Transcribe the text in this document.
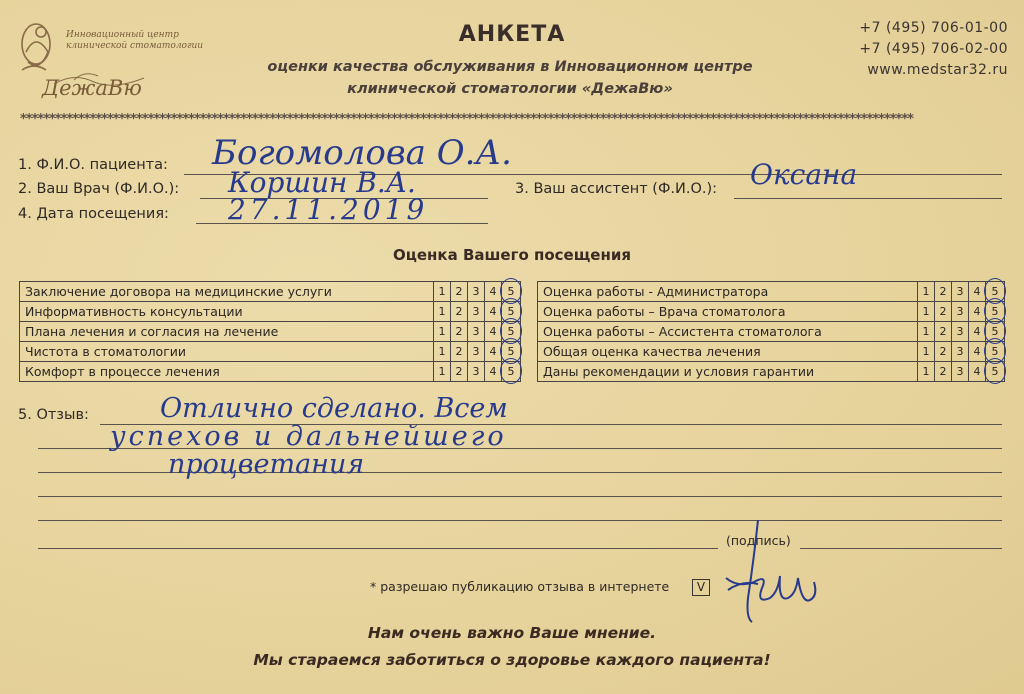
Инновационный центр
клинической стоматологии
ДежаВю
АНКЕТА
оценки качества обслуживания в Инновационном центре
клинической стоматологии «ДежаВю»
+7 (495) 706-01-00
+7 (495) 706-02-00
www.medstar32.ru
**********************************************************************************************************************************************************
1. Ф.И.О. пациента: Богомолова О.А.
2. Ваш Врач (Ф.И.О.): Коршин В.А.	3. Ваш ассистент (Ф.И.О.): Оксана
4. Дата посещения: 27.11.2019
Оценка Вашего посещения
Заключение договора на медицинские услуги	1	2	3	4	5

Информативность консультации	1	2	3	4	5

Плана лечения и согласия на лечение	1	2	3	4	5

Чистота в стоматологии	1	2	3	4	5

Комфорт в процессе лечения	1	2	3	4	5
Оценка работы - Администратора	1	2	3	4	5

Оценка работы – Врача стоматолога	1	2	3	4	5

Оценка работы – Ассистента стоматолога	1	2	3	4	5

Общая оценка качества лечения	1	2	3	4	5

Даны рекомендации и условия гарантии	1	2	3	4	5
5. Отзыв:	Отлично сделано. Всем
успехов и дальнейшего
процветания
(подпись)
* разрешаю публикацию отзыва в интернете	V
Нам очень важно Ваше мнение.
Мы стараемся заботиться о здоровье каждого пациента!
